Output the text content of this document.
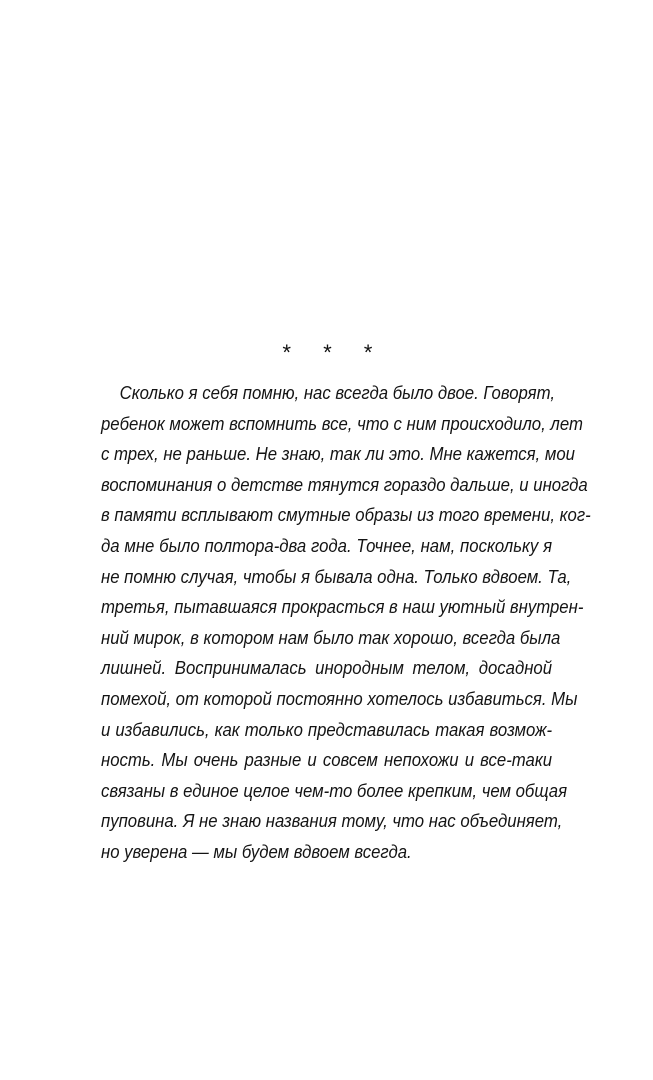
* * *
Сколько я себя помню, нас всегда было двое. Говорят,
ребенок может вспомнить все, что с ним происходило, лет
с трех, не раньше. Не знаю, так ли это. Мне кажется, мои
воспоминания о детстве тянутся гораздо дальше, и иногда
в памяти всплывают смутные образы из того времени, ког-
да мне было полтора-два года. Точнее, нам, поскольку я
не помню случая, чтобы я бывала одна. Только вдвоем. Та,
третья, пытавшаяся прокрасться в наш уютный внутрен-
ний мирок, в котором нам было так хорошо, всегда была
лишней. Воспринималась инородным телом, досадной
помехой, от которой постоянно хотелось избавиться. Мы
и избавились, как только представилась такая возмож-
ность. Мы очень разные и совсем непохожи и все-таки
связаны в единое целое чем-то более крепким, чем общая
пуповина. Я не знаю названия тому, что нас объединяет,
но уверена — мы будем вдвоем всегда.
